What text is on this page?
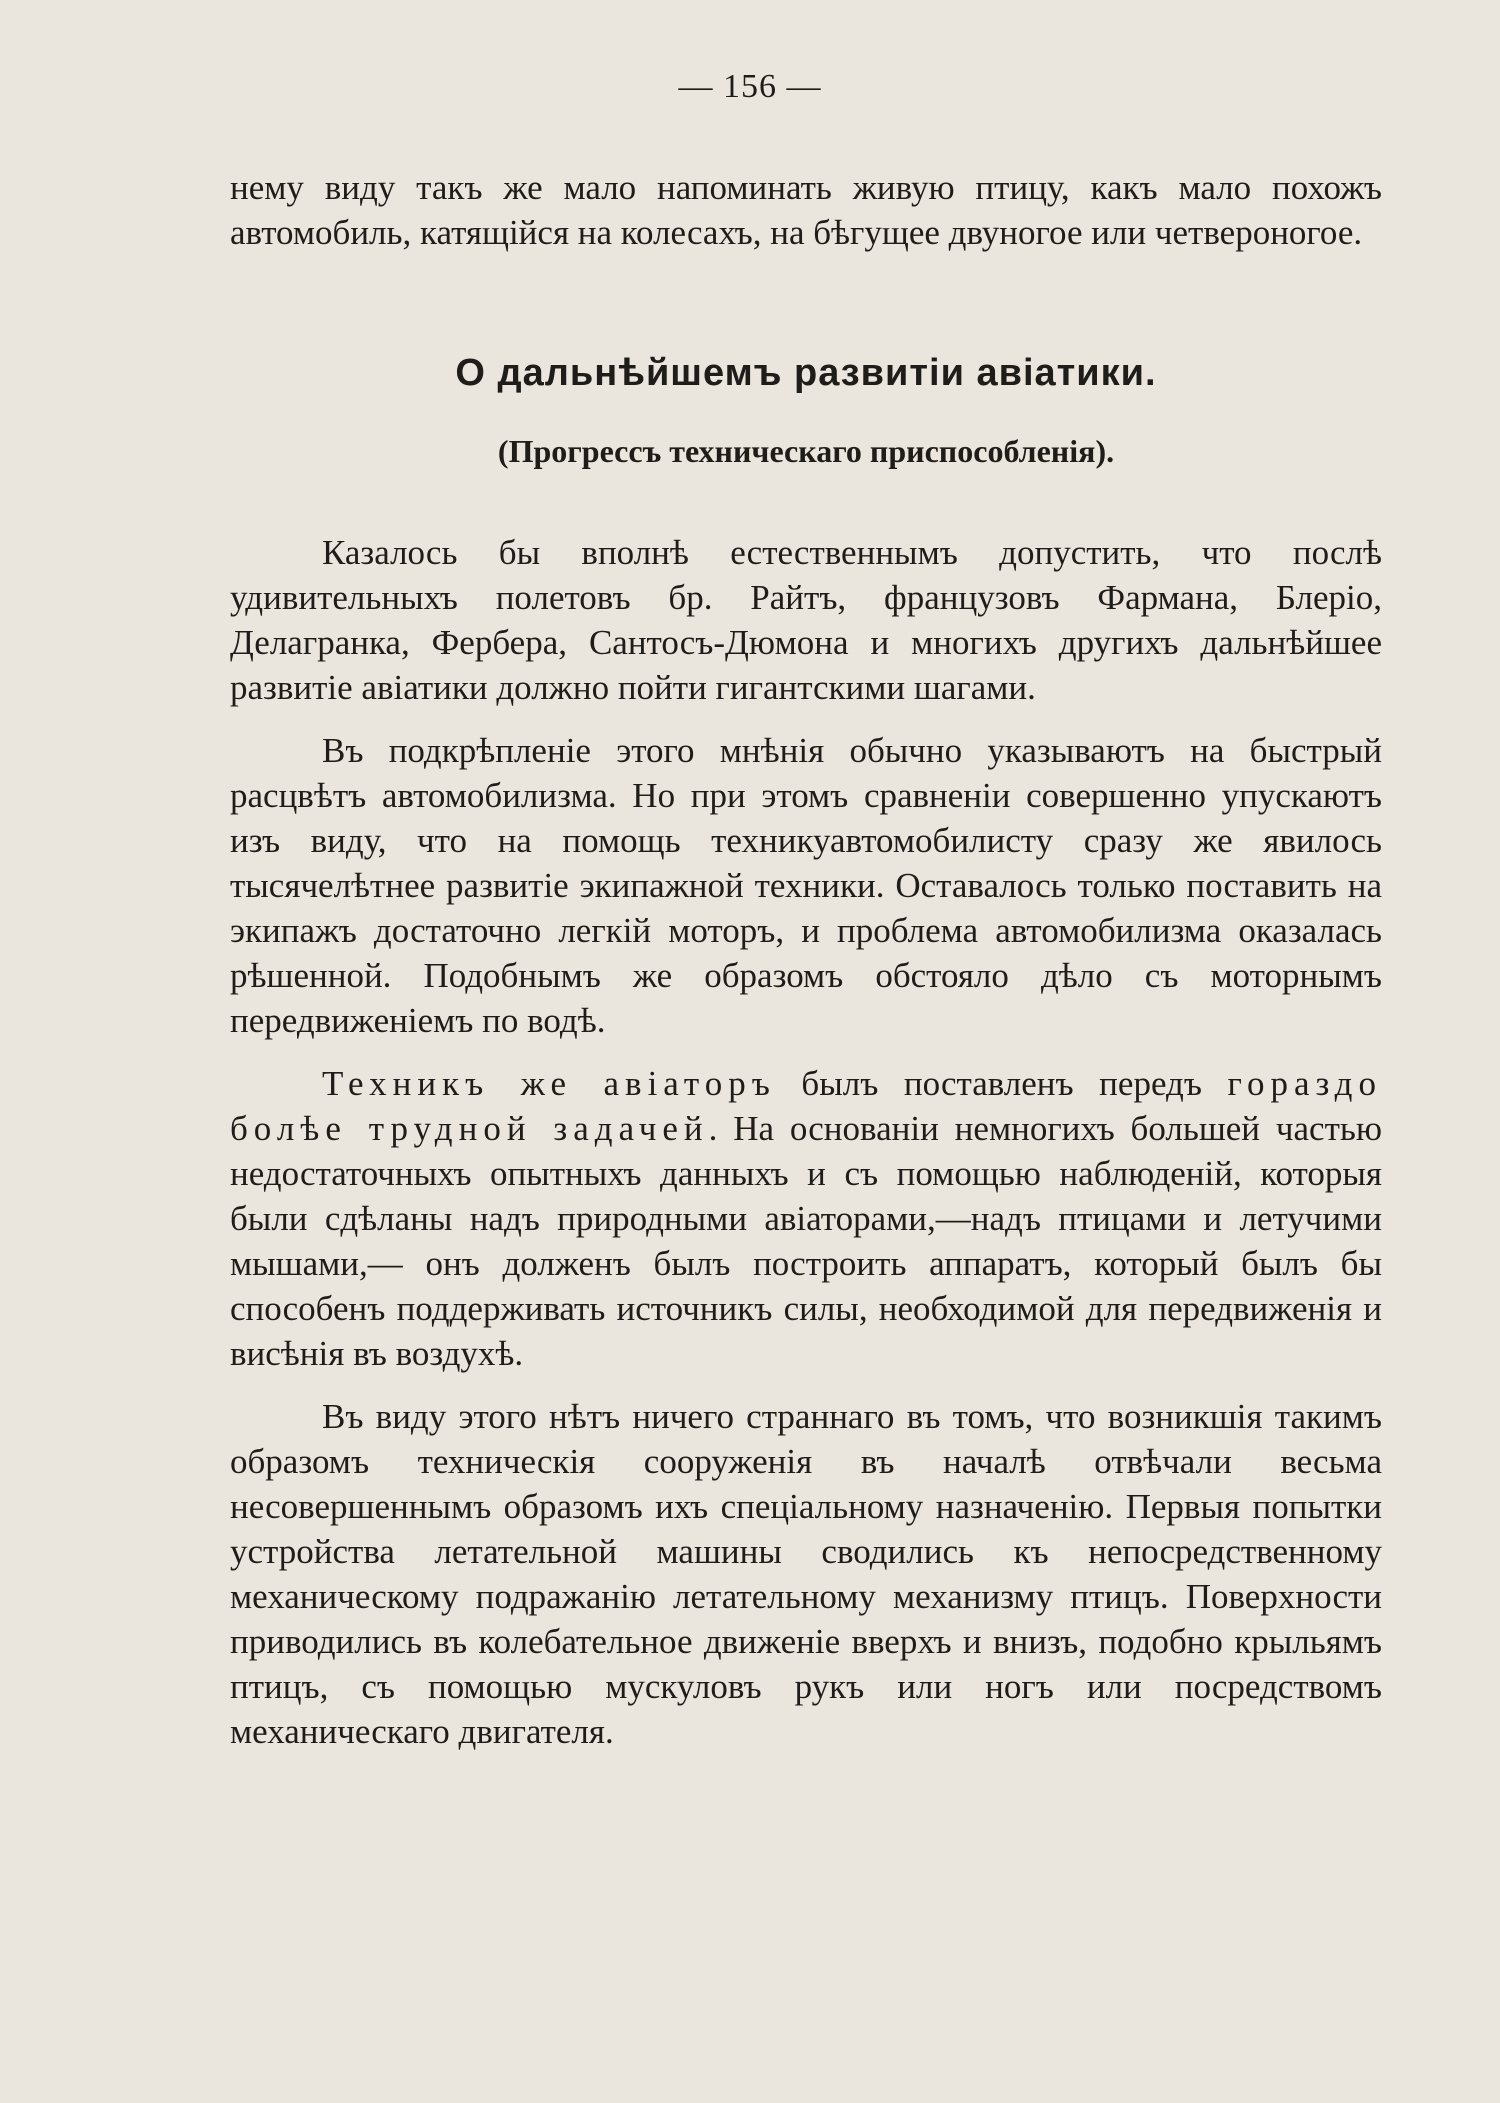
— 156 —

нему виду такъ же мало напоминать живую птицу, какъ мало похожъ автомобиль, катящійся на колесахъ, на бѣгущее двуногое или четвероногое.

О дальнѣйшемъ развитіи авіатики.
(Прогрессъ техническаго приспособленія).

Казалось бы вполнѣ естественнымъ допустить, что послѣ удивительныхъ полетовъ бр. Райтъ, французовъ Фармана, Блеріо, Делагранка, Фербера, Сантосъ-Дюмона и многихъ другихъ дальнѣйшее развитіе авіатики должно пойти гигантскими шагами.

Въ подкрѣпленіе этого мнѣнія обычно указываютъ на быстрый расцвѣтъ автомобилизма. Но при этомъ сравненіи совершенно упускаютъ изъ виду, что на помощь техникуавтомобилисту сразу же явилось тысячелѣтнее развитіе экипажной техники. Оставалось только поставить на экипажъ достаточно легкій моторъ, и проблема автомобилизма оказалась рѣшенной. Подобнымъ же образомъ обстояло дѣло съ моторнымъ передвиженіемъ по водѣ.

Техникъ же авіаторъ былъ поставленъ передъ гораздо болѣе трудной задачей. На основаніи немногихъ большей частью недостаточныхъ опытныхъ данныхъ и съ помощью наблюденій, которыя были сдѣланы надъ природными авіаторами,—надъ птицами и летучими мышами,— онъ долженъ былъ построить аппаратъ, который былъ бы способенъ поддерживать источникъ силы, необходимой для передвиженія и висѣнія въ воздухѣ.

Въ виду этого нѣтъ ничего страннаго въ томъ, что возникшія такимъ образомъ техническія сооруженія въ началѣ отвѣчали весьма несовершеннымъ образомъ ихъ спеціальному назначенію. Первыя попытки устройства летательной машины сводились къ непосредственному механическому подражанію летательному механизму птицъ. Поверхности приводились въ колебательное движеніе вверхъ и внизъ, подобно крыльямъ птицъ, съ помощью мускуловъ рукъ или ногъ или посредствомъ механическаго двигателя.
